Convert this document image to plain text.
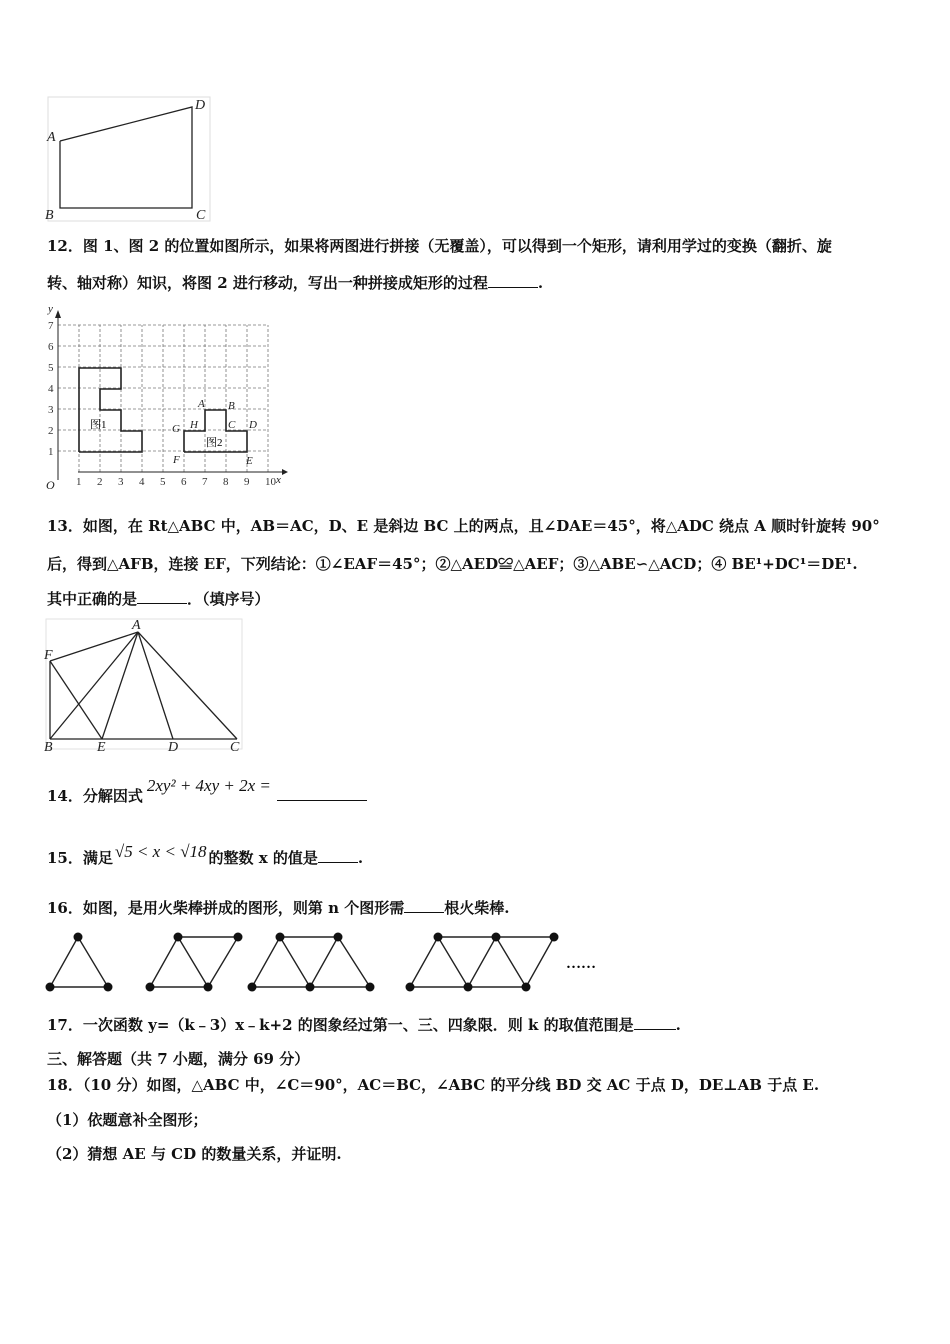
A
D
B	C
12．图 1、图 2 的位置如图所示，如果将两图进行拼接（无覆盖），可以得到一个矩形，请利用学过的变换（翻折、旋
转、轴对称）知识，将图 2 进行移动，写出一种拼接成矩形的过程	.
y
x
O 1 2 3 4 5 6 7 8 9 10
1
2
3
4
5
6
7
图1
图2
A B
C D
E
F
G H
13．如图，在 Rt△ABC 中，AB＝AC，D、E 是斜边 BC 上的两点，且∠DAE＝45°，将△ADC 绕点 A 顺时针旋转 90°
后，得到△AFB，连接 EF，下列结论：①∠EAF＝45°；②△AED≌△AEF；③△ABE∽△ACD；④ BE¹+DC¹＝DE¹.
其中正确的是	．（填序号）
A
F
B	E	D	C
14．分解因式2xy² + 4xy + 2x =
15．满足 √5 < x < √18 的整数 x 的值是	.
16．如图，是用火柴棒拼成的图形，则第 n 个图形需	根火柴棒.
……
17．一次函数 y=（k﹣3）x﹣k+2 的图象经过第一、三、四象限．则 k 的取值范围是	.
三、解答题（共 7 小题，满分 69 分）
18．（10 分）如图，△ABC 中，∠C＝90°，AC＝BC，∠ABC 的平分线 BD 交 AC 于点 D，DE⊥AB 于点 E.
（1）依题意补全图形；
（2）猜想 AE 与 CD 的数量关系，并证明.
